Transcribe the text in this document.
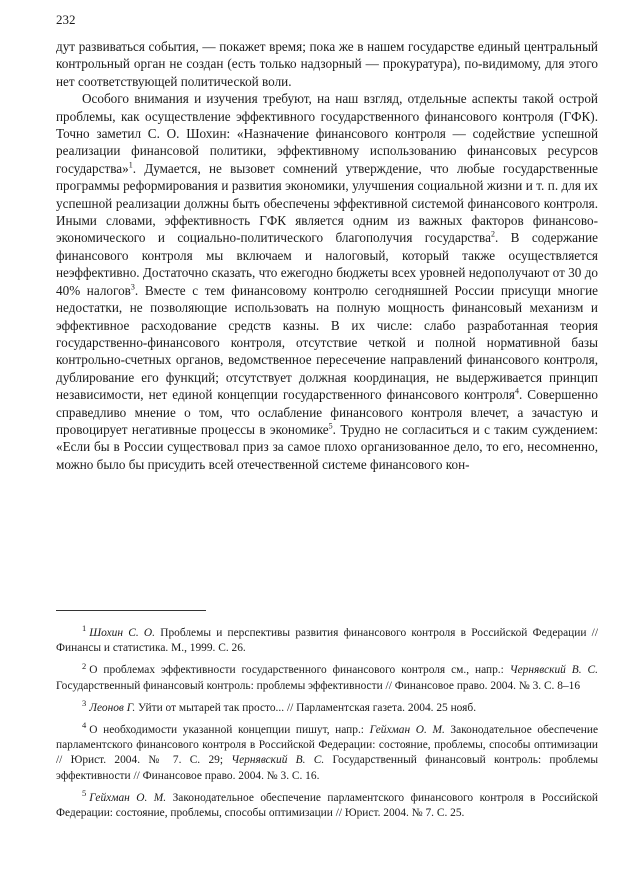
232

дут развиваться события, — покажет время; пока же в нашем государстве единый центральный контрольный орган не создан (есть только надзорный — прокуратура), по-видимому, для этого нет соответствующей политической воли.

Особого внимания и изучения требуют, на наш взгляд, отдельные аспекты такой острой проблемы, как осуществление эффективного государственного финансового контроля (ГФК). Точно заметил С. О. Шохин: «Назначение финансового контроля — содействие успешной реализации финансовой политики, эффективному использованию финансовых ресурсов государства»$^1$. Думается, не вызовет сомнений утверждение, что любые государственные программы реформирования и развития экономики, улучшения социальной жизни и т. п. для их успешной реализации должны быть обеспечены эффективной системой финансового контроля. Иными словами, эффективность ГФК является одним из важных факторов финансово-экономического и социально-политического благополучия государства$^2$. В содержание финансового контроля мы включаем и налоговый, который также осуществляется неэффективно. Достаточно сказать, что ежегодно бюджеты всех уровней недополучают от 30 до 40% налогов$^3$. Вместе с тем финансовому контролю сегодняшней России присущи многие недостатки, не позволяющие использовать на полную мощность финансовый механизм и эффективное расходование средств казны. В их числе: слабо разработанная теория государственно-финансового контроля, отсутствие четкой и полной нормативной базы контрольно-счетных органов, ведомственное пересечение направлений финансового контроля, дублирование его функций; отсутствует должная координация, не выдерживается принцип независимости, нет единой концепции государственного финансового контроля$^4$. Совершенно справедливо мнение о том, что ослабление финансового контроля влечет, а зачастую и провоцирует негативные процессы в экономике$^5$. Трудно не согласиться и с таким суждением: «Если бы в России существовал приз за самое плохо организованное дело, то его, несомненно, можно было бы присудить всей отечественной системе финансового кон-

$^1$ Шохин С. О. Проблемы и перспективы развития финансового контроля в Российской Федерации // Финансы и статистика. М., 1999. С. 26.

$^2$ О проблемах эффективности государственного финансового контроля см., напр.: Чернявский В. С. Государственный финансовый контроль: проблемы эффективности // Финансовое право. 2004. № 3. С. 8–16

$^3$ Леонов Г. Уйти от мытарей так просто... // Парламентская газета. 2004. 25 нояб.

$^4$ О необходимости указанной концепции пишут, напр.: Гейхман О. М. Законодательное обеспечение парламентского финансового контроля в Российской Федерации: состояние, проблемы, способы оптимизации // Юрист. 2004. № 7. С. 29; Чернявский В. С. Государственный финансовый контроль: проблемы эффективности // Финансовое право. 2004. № 3. С. 16.

$^5$ Гейхман О. М. Законодательное обеспечение парламентского финансового контроля в Российской Федерации: состояние, проблемы, способы оптимизации // Юрист. 2004. № 7. С. 25.
